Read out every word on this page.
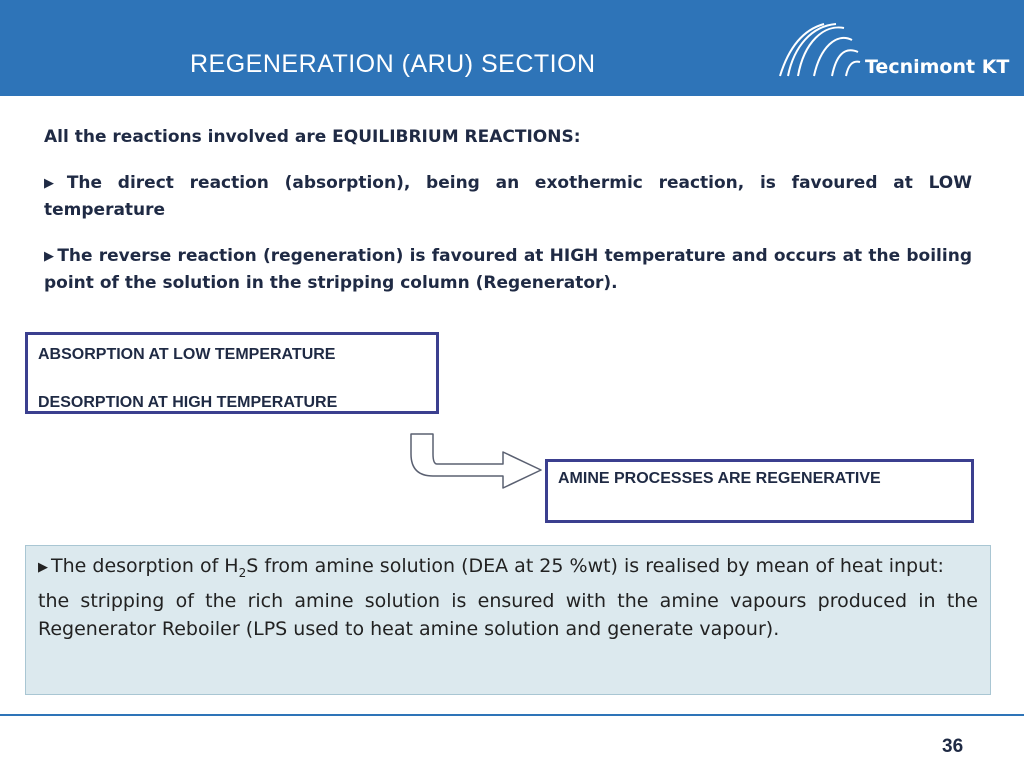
REGENERATION (ARU) SECTION	Tecnimont KT

All the reactions involved are EQUILIBRIUM REACTIONS:

▶ The direct reaction (absorption), being an exothermic reaction, is favoured at LOW temperature

▶ The reverse reaction (regeneration) is favoured at HIGH temperature and occurs at the boiling point of the solution in the stripping column (Regenerator).

ABSORPTION AT LOW TEMPERATURE
DESORPTION AT HIGH TEMPERATURE
AMINE PROCESSES ARE REGENERATIVE

▶ The desorption of $H_2S$ from amine solution (DEA at 25 %wt) is realised by mean of heat input:

the stripping of the rich amine solution is ensured with the amine vapours produced in the Regenerator Reboiler (LPS used to heat amine solution and generate vapour).

36
